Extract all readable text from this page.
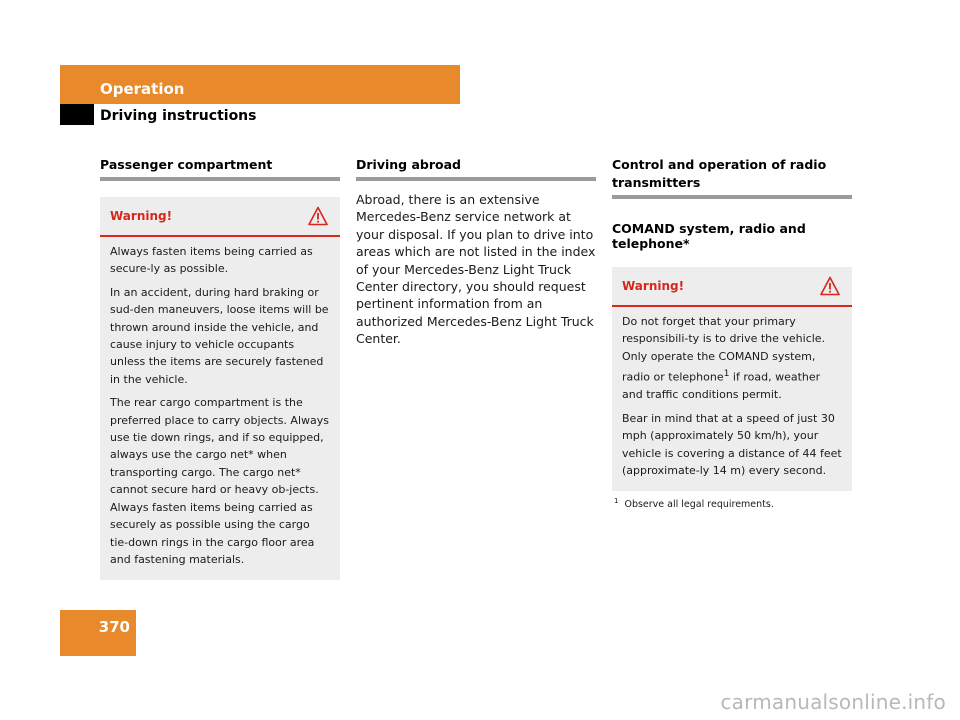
Operation
Driving instructions
Passenger compartment
Warning!

Always fasten items being carried as secure-ly as possible.

In an accident, during hard braking or sud-den maneuvers, loose items will be thrown around inside the vehicle, and cause injury to vehicle occupants unless the items are securely fastened in the vehicle.

The rear cargo compartment is the preferred place to carry objects. Always use tie down rings, and if so equipped, always use the cargo net* when transporting cargo. The cargo net* cannot secure hard or heavy ob-jects. Always fasten items being carried as securely as possible using the cargo tie-down rings in the cargo floor area and fastening materials.

Driving abroad
Abroad, there is an extensive Mercedes-Benz service network at your disposal. If you plan to drive into areas which are not listed in the index of your Mercedes-Benz Light Truck Center directory, you should request pertinent information from an authorized Mercedes-Benz Light Truck Center.
Control and operation of radio transmitters
COMAND system, radio and telephone*
Warning!

Do not forget that your primary responsibili-ty is to drive the vehicle. Only operate the COMAND system, radio or telephone$^1$ if road, weather and traffic conditions permit.

Bear in mind that at a speed of just 30 mph (approximately 50 km/h), your vehicle is covering a distance of 44 feet (approximate-ly 14 m) every second.

$^1$ Observe all legal requirements.
370
carmanualsonline.info
